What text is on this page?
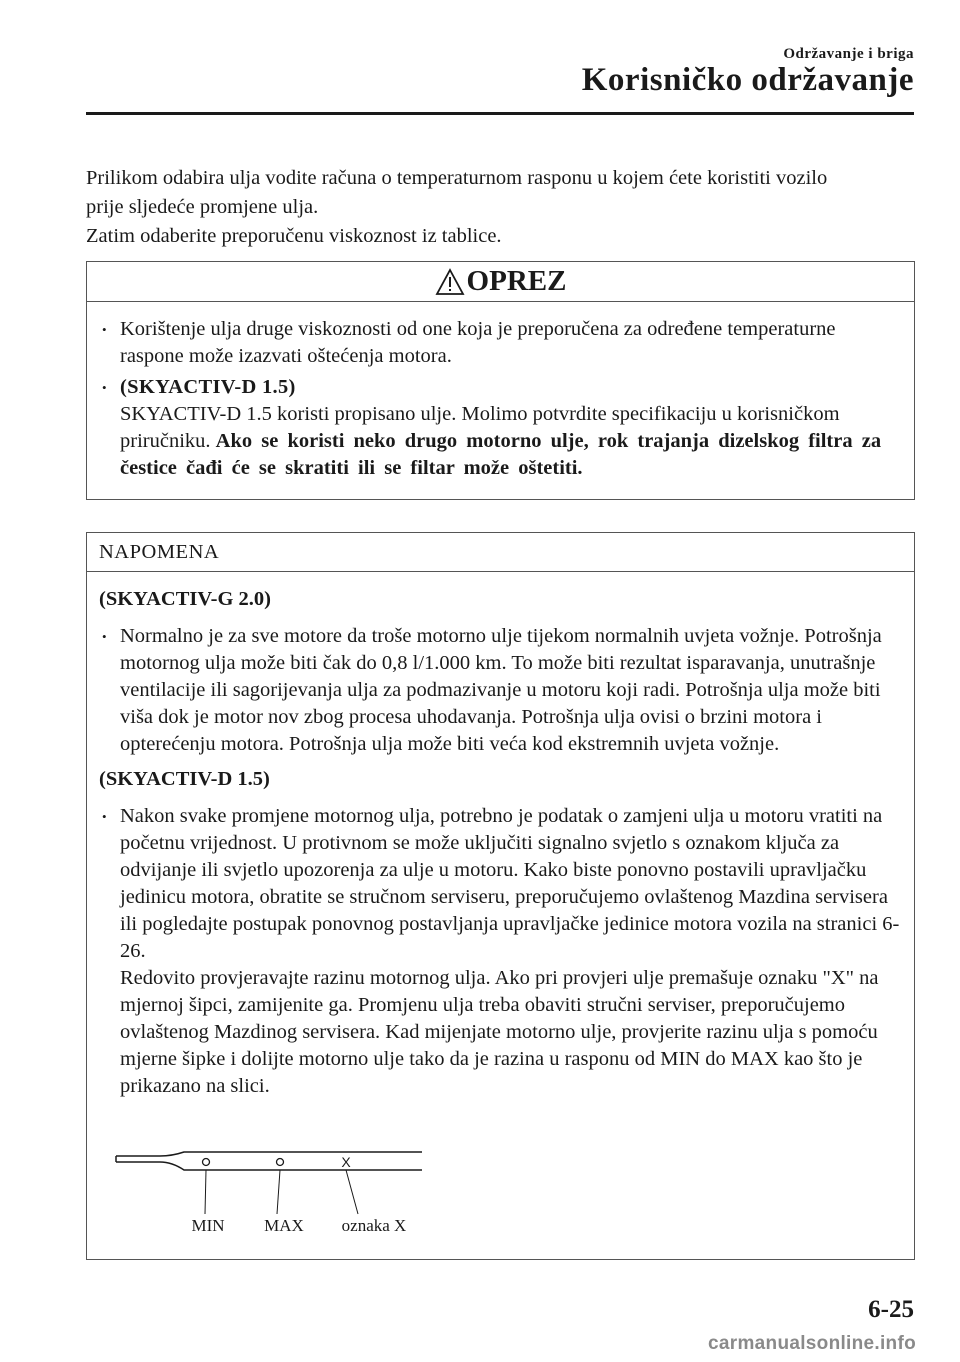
Održavanje i briga
Korisničko održavanje

Prilikom odabira ulja vodite računa o temperaturnom rasponu u kojem ćete koristiti vozilo

prije sljedeće promjene ulja.

Zatim odaberite preporučenu viskoznost iz tablice.

OPREZ
• Korištenje ulja druge viskoznosti od one koja je preporučena za određene temperaturne raspone može izazvati oštećenja motora.
• (SKYACTIV-D 1.5)
SKYACTIV-D 1.5 koristi propisano ulje. Molimo potvrdite specifikaciju u korisničkom priručniku. Ako se koristi neko drugo motorno ulje, rok trajanja dizelskog filtra za čestice čađi će se skratiti ili se filtar može oštetiti.
NAPOMENA
(SKYACTIV-G 2.0)
• Normalno je za sve motore da troše motorno ulje tijekom normalnih uvjeta vožnje. Potrošnja motornog ulja može biti čak do 0,8 l/1.000 km. To može biti rezultat isparavanja, unutrašnje ventilacije ili sagorijevanja ulja za podmazivanje u motoru koji radi. Potrošnja ulja može biti viša dok je motor nov zbog procesa uhodavanja. Potrošnja ulja ovisi o brzini motora i opterećenju motora. Potrošnja ulja može biti veća kod ekstremnih uvjeta vožnje.
(SKYACTIV-D 1.5)
• Nakon svake promjene motornog ulja, potrebno je podatak o zamjeni ulja u motoru vratiti na početnu vrijednost. U protivnom se može uključiti signalno svjetlo s oznakom ključa za odvijanje ili svjetlo upozorenja za ulje u motoru. Kako biste ponovno postavili upravljačku jedinicu motora, obratite se stručnom serviseru, preporučujemo ovlaštenog Mazdina servisera ili pogledajte postupak ponovnog postavljanja upravljačke jedinice motora vozila na stranici 6-26.
Redovito provjeravajte razinu motornog ulja. Ako pri provjeri ulje premašuje oznaku "X" na mjernoj šipci, zamijenite ga. Promjenu ulja treba obaviti stručni serviser, preporučujemo ovlaštenog Mazdinog servisera. Kad mijenjate motorno ulje, provjerite razinu ulja s pomoću mjerne šipke i dolijte motorno ulje tako da je razina u rasponu od MIN do MAX kao što je prikazano na slici.
X
MIN MAX oznaka X
6-25
carmanualsonline.info
